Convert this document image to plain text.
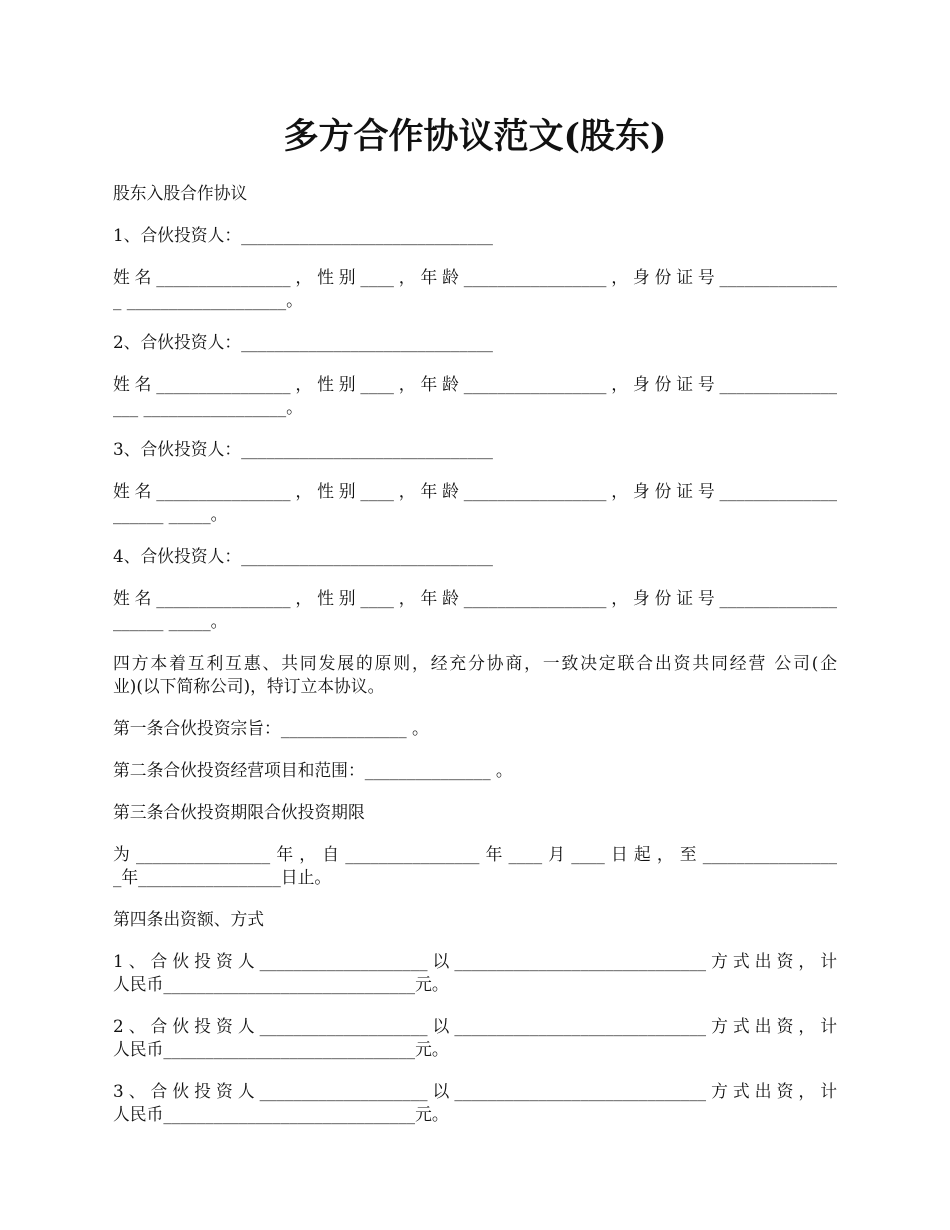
多方合作协议范文(股东)
股东入股合作协议
1、合伙投资人：______________________________
姓名________________，性别____，年龄_________________，身份证号______________
_ ___________________。
2、合伙投资人：______________________________
姓名________________，性别____，年龄_________________，身份证号______________
___ _________________。
3、合伙投资人：______________________________
姓名________________，性别____，年龄_________________，身份证号______________
______ _____。
4、合伙投资人：______________________________
姓名________________，性别____，年龄_________________，身份证号______________
______ _____。
四方本着互利互惠、共同发展的原则，经充分协商，一致决定联合出资共同经营 公司(企
业)(以下简称公司)，特订立本协议。
第一条合伙投资宗旨：_______________ 。
第二条合伙投资经营项目和范围：_______________ 。
第三条合伙投资期限合伙投资期限
为________________年，自________________年____月____日起，至________________
_年_________________日止。
第四条出资额、方式
1、合伙投资人____________________以______________________________方式出资，计
人民币______________________________元。
2、合伙投资人____________________以______________________________方式出资，计
人民币______________________________元。
3、合伙投资人____________________以______________________________方式出资，计
人民币______________________________元。
